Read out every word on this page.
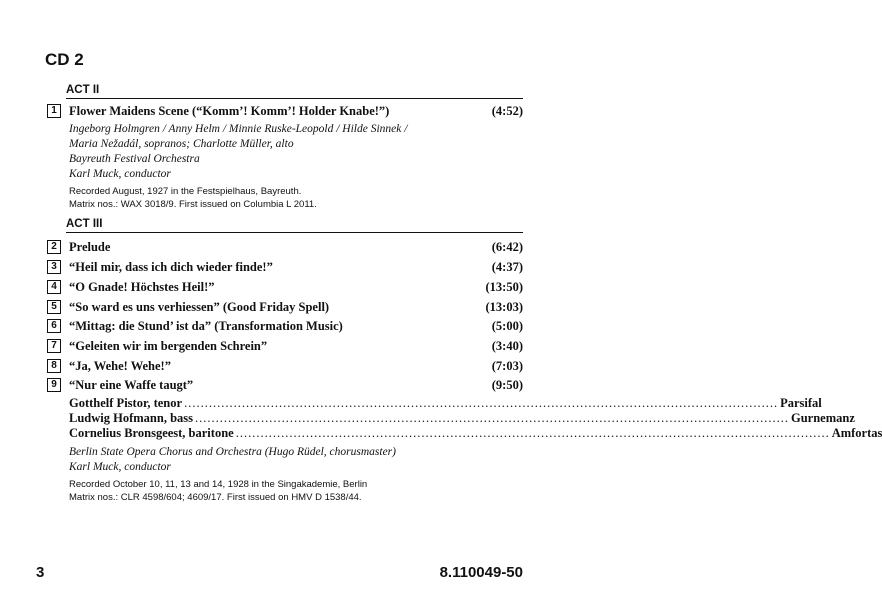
CD 2
ACT II
1 Flower Maidens Scene (“Komm’! Komm’! Holder Knabe!”)	(4:52)
Ingeborg Holmgren / Anny Helm / Minnie Ruske-Leopold / Hilde Sinnek /
Maria Nežadál, sopranos; Charlotte Müller, alto
Bayreuth Festival Orchestra
Karl Muck, conductor
Recorded August, 1927 in the Festspielhaus, Bayreuth.
Matrix nos.: WAX 3018/9. First issued on Columbia L 2011.
ACT III
2 Prelude	(6:42)
3 “Heil mir, dass ich dich wieder finde!”	(4:37)
4 “O Gnade! Höchstes Heil!”	(13:50)
5 “So ward es uns verhiessen” (Good Friday Spell)	(13:03)
6 “Mittag: die Stund’ ist da” (Transformation Music)	(5:00)
7 “Geleiten wir im bergenden Schrein”	(3:40)
8 “Ja, Wehe! Wehe!”	(7:03)
9 “Nur eine Waffe taugt”	(9:50)
Gotthelf Pistor, tenor ................................................................................................................................................ Parsifal
Ludwig Hofmann, bass ................................................................................................................................................ Gurnemanz
Cornelius Bronsgeest, baritone ................................................................................................................................................ Amfortas
Berlin State Opera Chorus and Orchestra (Hugo Rüdel, chorusmaster)
Karl Muck, conductor
Recorded October 10, 11, 13 and 14, 1928 in the Singakademie, Berlin
Matrix nos.: CLR 4598/604; 4609/17. First issued on HMV D 1538/44.
3	8.110049-50
